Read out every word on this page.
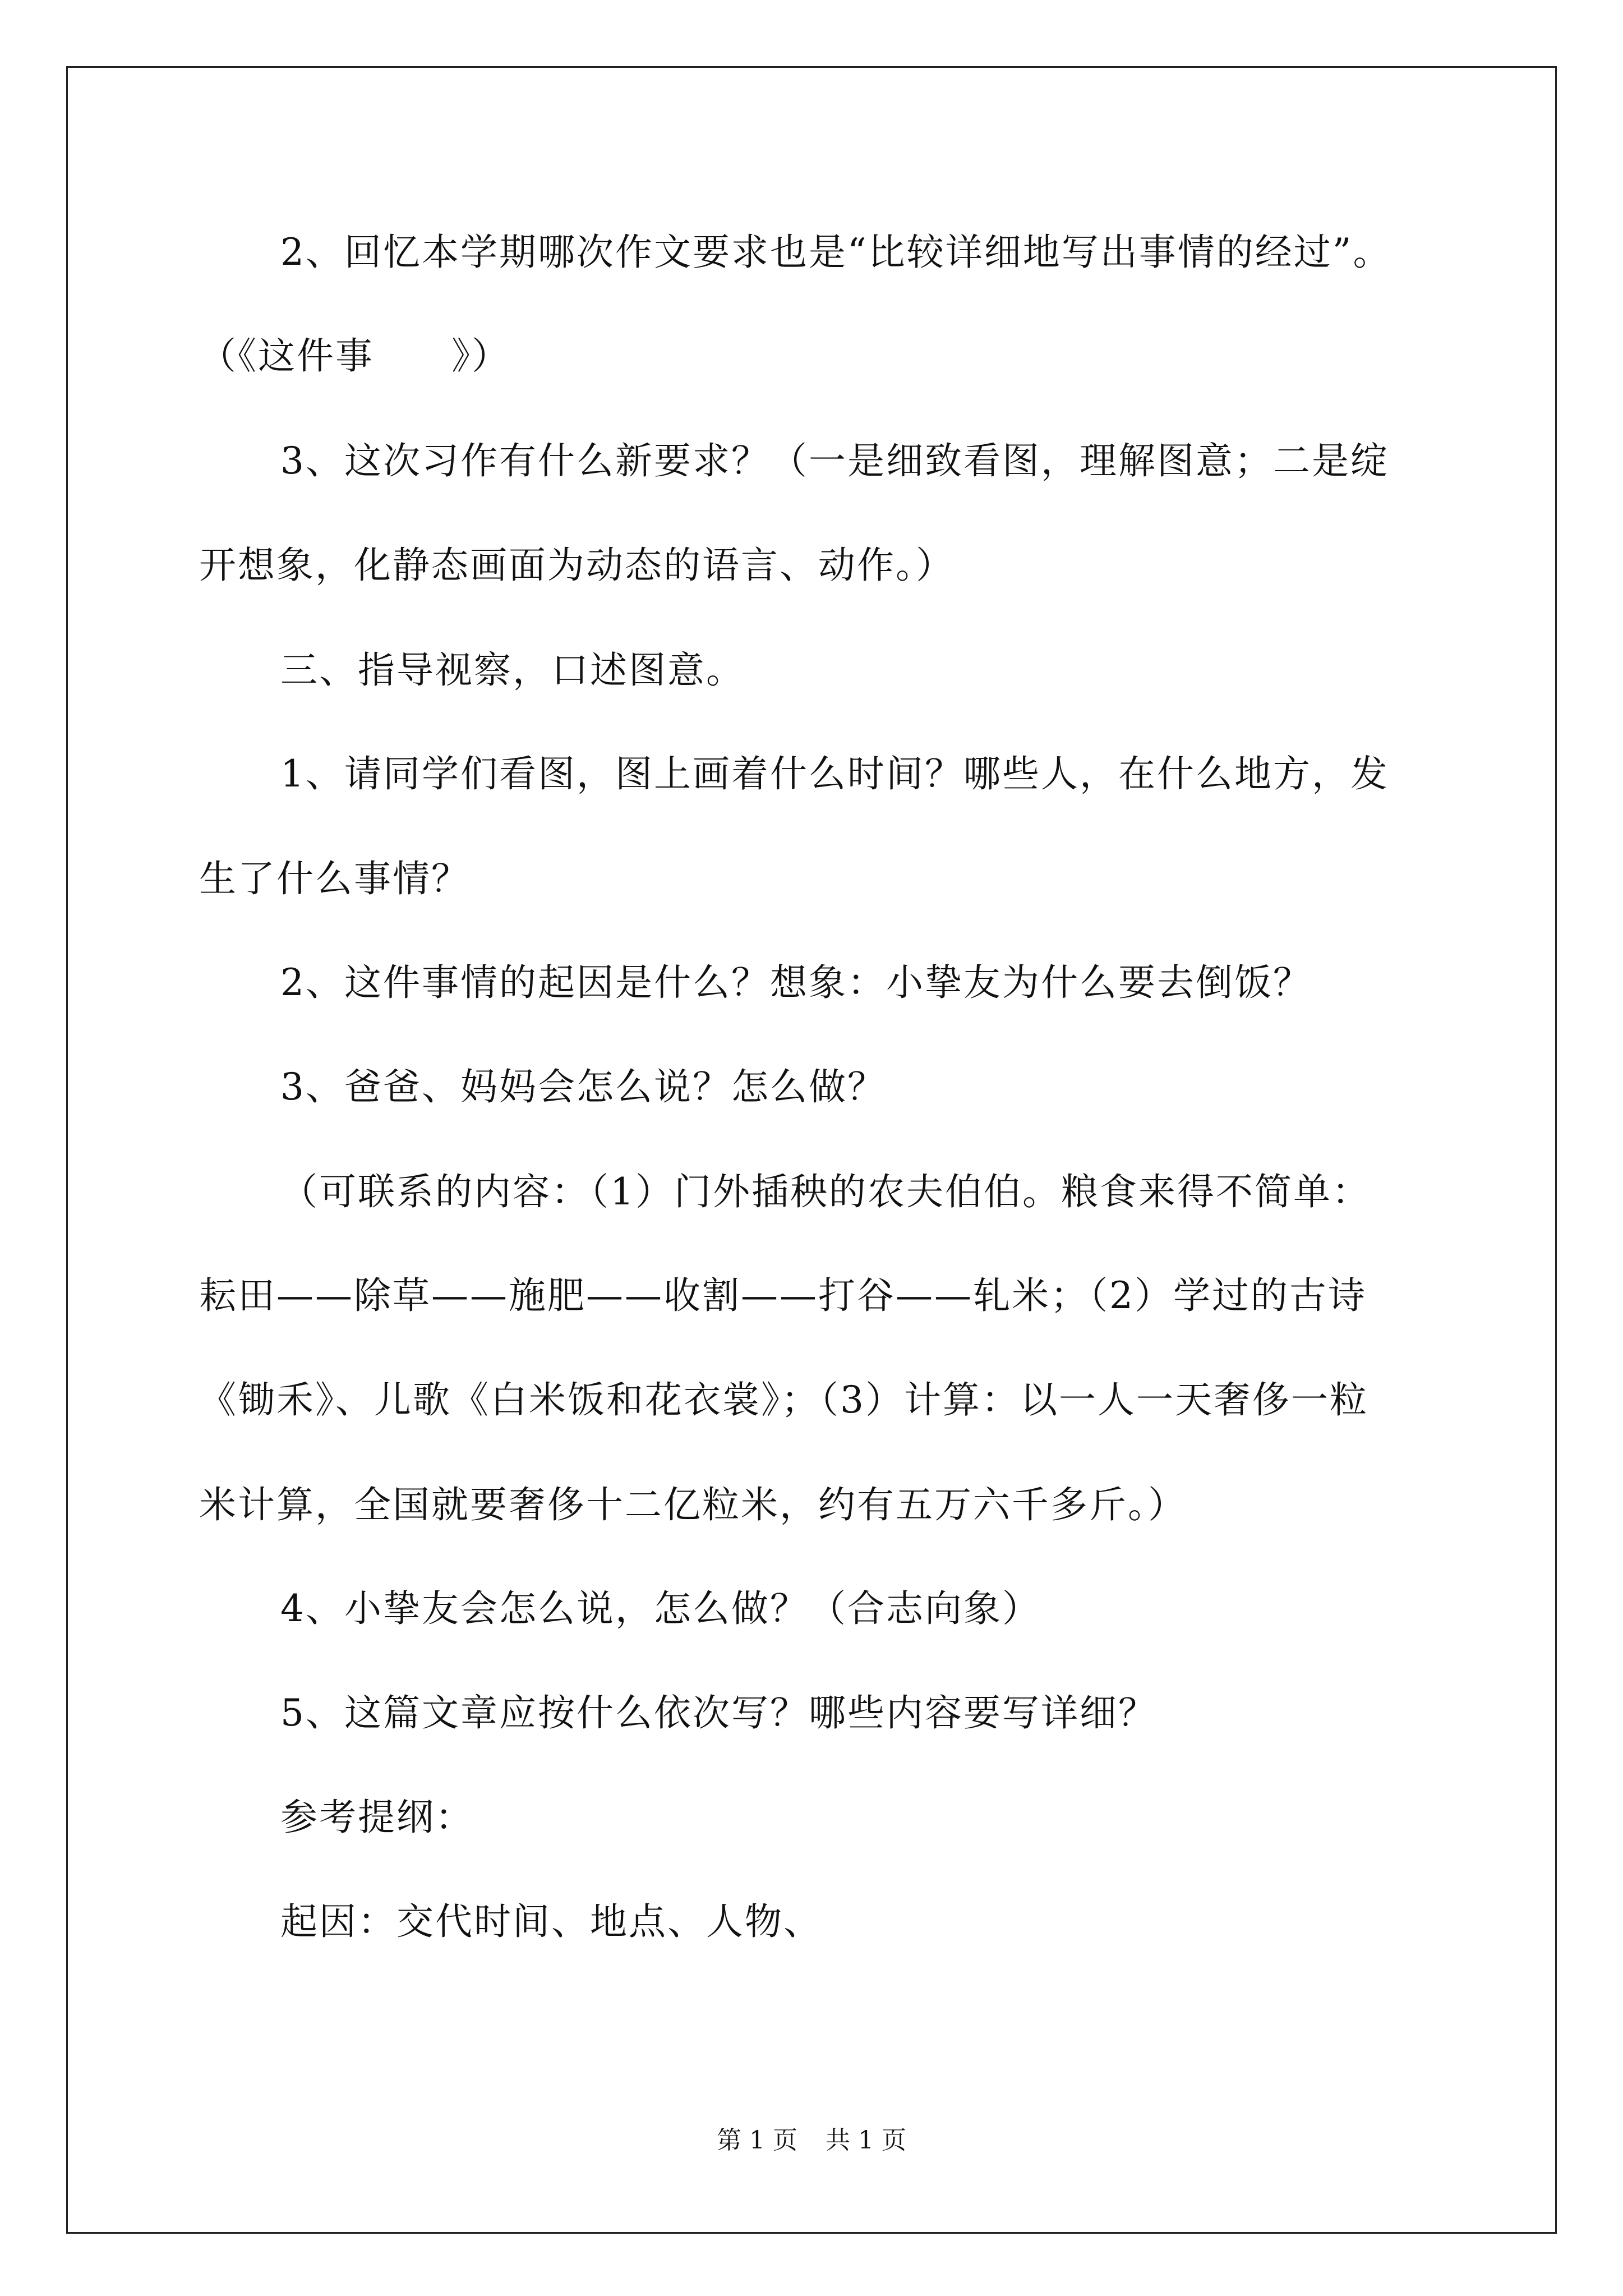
2、回忆本学期哪次作文要求也是“比较详细地写出事情的经过”。
（《这件事　　》）
3、这次习作有什么新要求？（一是细致看图，理解图意；二是绽
开想象，化静态画面为动态的语言、动作。）
三、指导视察，口述图意。
1、请同学们看图，图上画着什么时间？哪些人，在什么地方，发
生了什么事情？
2、这件事情的起因是什么？想象：小挚友为什么要去倒饭？
3、爸爸、妈妈会怎么说？怎么做？
（可联系的内容：（1）门外插秧的农夫伯伯。粮食来得不简单：
耘田——除草——施肥——收割——打谷——轧米；（2）学过的古诗
《锄禾》、儿歌《白米饭和花衣裳》；（3）计算：以一人一天奢侈一粒
米计算，全国就要奢侈十二亿粒米，约有五万六千多斤。）
4、小挚友会怎么说，怎么做？（合志向象）
5、这篇文章应按什么依次写？哪些内容要写详细？
参考提纲：
起因：交代时间、地点、人物、
第 1 页 共 1 页
